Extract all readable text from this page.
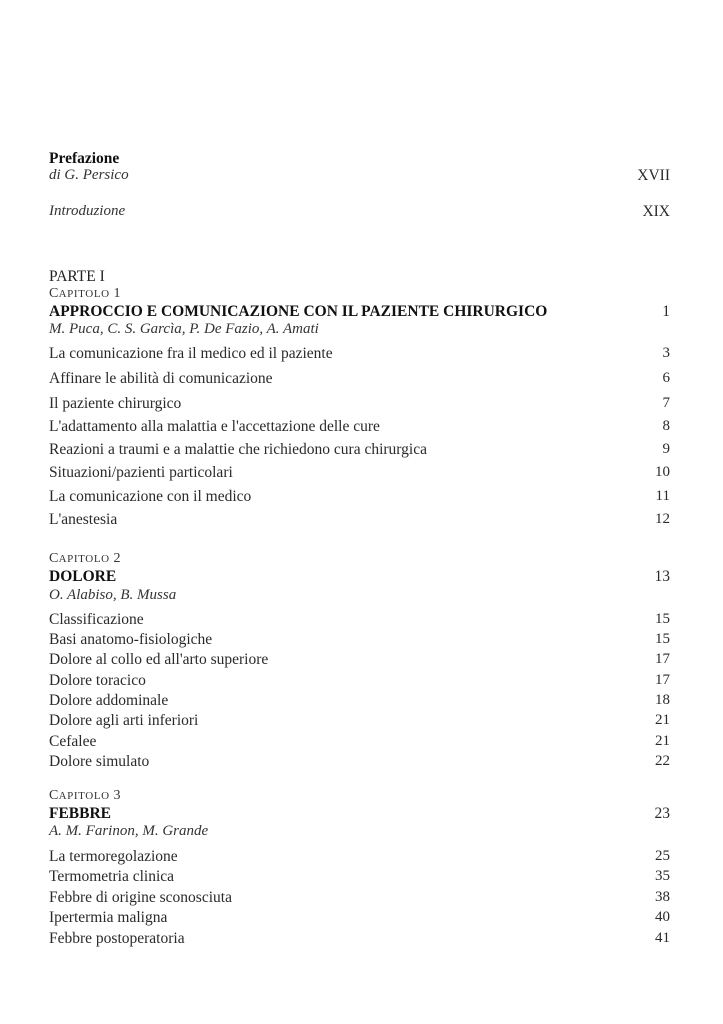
Prefazione
di G. Persico	XVII
Introduzione	XIX
PARTE I
CAPITOLO 1
APPROCCIO E COMUNICAZIONE CON IL PAZIENTE CHIRURGICO	1
M. Puca, C. S. Garcìa, P. De Fazio, A. Amati
La comunicazione fra il medico ed il paziente	3
Affinare le abilità di comunicazione	6
Il paziente chirurgico	7
L'adattamento alla malattia e l'accettazione delle cure	8
Reazioni a traumi e a malattie che richiedono cura chirurgica	9
Situazioni/pazienti particolari	10
La comunicazione con il medico	11
L'anestesia	12
CAPITOLO 2
DOLORE	13
O. Alabiso, B. Mussa
Classificazione	15
Basi anatomo-fisiologiche	15
Dolore al collo ed all'arto superiore	17
Dolore toracico	17
Dolore addominale	18
Dolore agli arti inferiori	21
Cefalee	21
Dolore simulato	22
CAPITOLO 3
FEBBRE	23
A. M. Farinon, M. Grande
La termoregolazione	25
Termometria clinica	35
Febbre di origine sconosciuta	38
Ipertermia maligna	40
Febbre postoperatoria	41
